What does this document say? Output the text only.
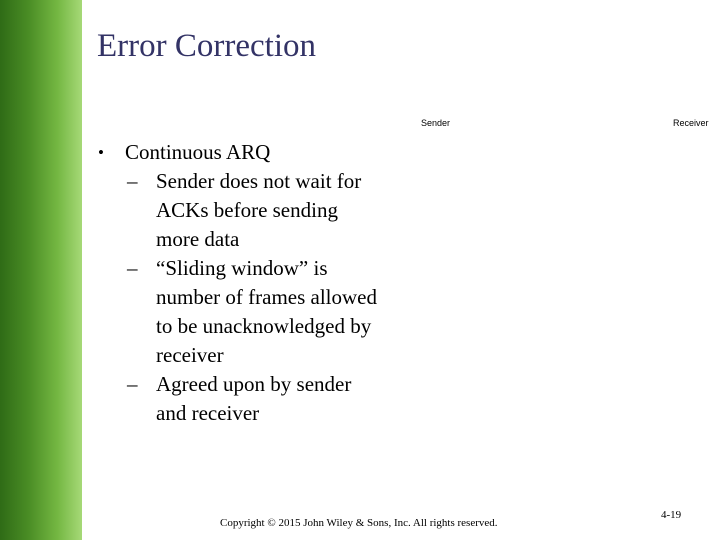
Error Correction
Sender	Receiver
•	Continuous ARQ
– Sender does not wait for
ACKs before sending
more data
– “Sliding window” is
number of frames allowed
to be unacknowledged by
receiver
– Agreed upon by sender
and receiver
Copyright © 2015 John Wiley & Sons, Inc. All rights reserved.
4-19
